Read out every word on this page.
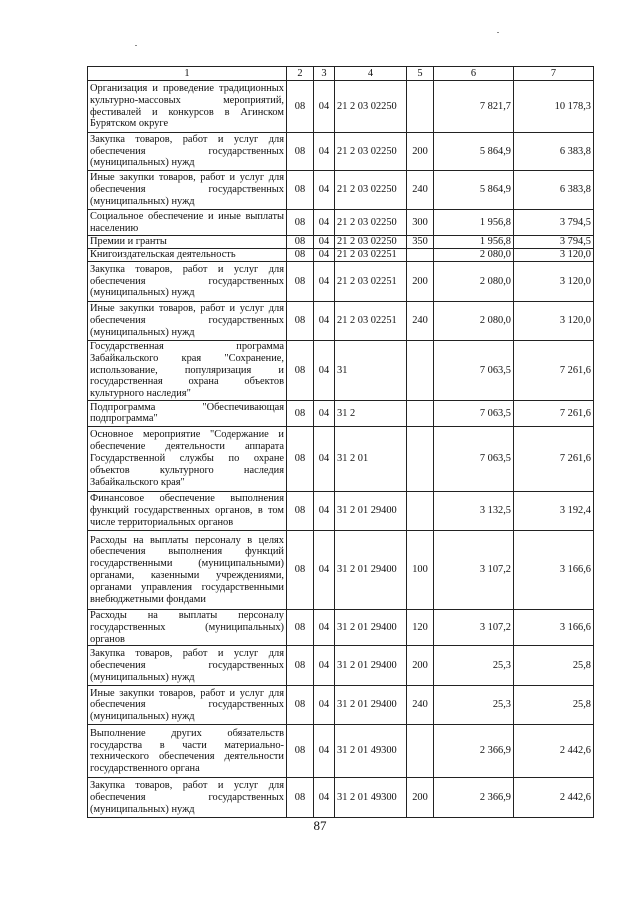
1	2	3	4	5	6	7
Организация и проведение традиционных культурно-массовых мероприятий, фестивалей и конкурсов в Агинском Бурятском округе	08	04	21 2 03 02250		7 821,7	10 178,3
Закупка товаров, работ и услуг для обеспечения государственных (муниципальных) нужд	08	04	21 2 03 02250	200	5 864,9	6 383,8
Иные закупки товаров, работ и услуг для обеспечения государственных (муниципальных) нужд	08	04	21 2 03 02250	240	5 864,9	6 383,8
Социальное обеспечение и иные выплаты населению	08	04	21 2 03 02250	300	1 956,8	3 794,5
Премии и гранты	08	04	21 2 03 02250	350	1 956,8	3 794,5
Книгоиздательская деятельность	08	04	21 2 03 02251		2 080,0	3 120,0
Закупка товаров, работ и услуг для обеспечения государственных (муниципальных) нужд	08	04	21 2 03 02251	200	2 080,0	3 120,0
Иные закупки товаров, работ и услуг для обеспечения государственных (муниципальных) нужд	08	04	21 2 03 02251	240	2 080,0	3 120,0
Государственная программа Забайкальского края "Сохранение, использование, популяризация и государственная охрана объектов культурного наследия"	08	04	31		7 063,5	7 261,6
Подпрограмма "Обеспечивающая подпрограмма"	08	04	31 2		7 063,5	7 261,6
Основное мероприятие "Содержание и обеспечение деятельности аппарата Государственной службы по охране объектов культурного наследия Забайкальского края"	08	04	31 2 01		7 063,5	7 261,6
Финансовое обеспечение выполнения функций государственных органов, в том числе территориальных органов	08	04	31 2 01 29400		3 132,5	3 192,4
Расходы на выплаты персоналу в целях обеспечения выполнения функций государственными (муниципальными) органами, казенными учреждениями, органами управления государственными внебюджетными фондами	08	04	31 2 01 29400	100	3 107,2	3 166,6
Расходы на выплаты персоналу государственных (муниципальных) органов	08	04	31 2 01 29400	120	3 107,2	3 166,6
Закупка товаров, работ и услуг для обеспечения государственных (муниципальных) нужд	08	04	31 2 01 29400	200	25,3	25,8
Иные закупки товаров, работ и услуг для обеспечения государственных (муниципальных) нужд	08	04	31 2 01 29400	240	25,3	25,8
Выполнение других обязательств государства в части материально-технического обеспечения деятельности государственного органа	08	04	31 2 01 49300		2 366,9	2 442,6
Закупка товаров, работ и услуг для обеспечения государственных (муниципальных) нужд	08	04	31 2 01 49300	200	2 366,9	2 442,6
87
